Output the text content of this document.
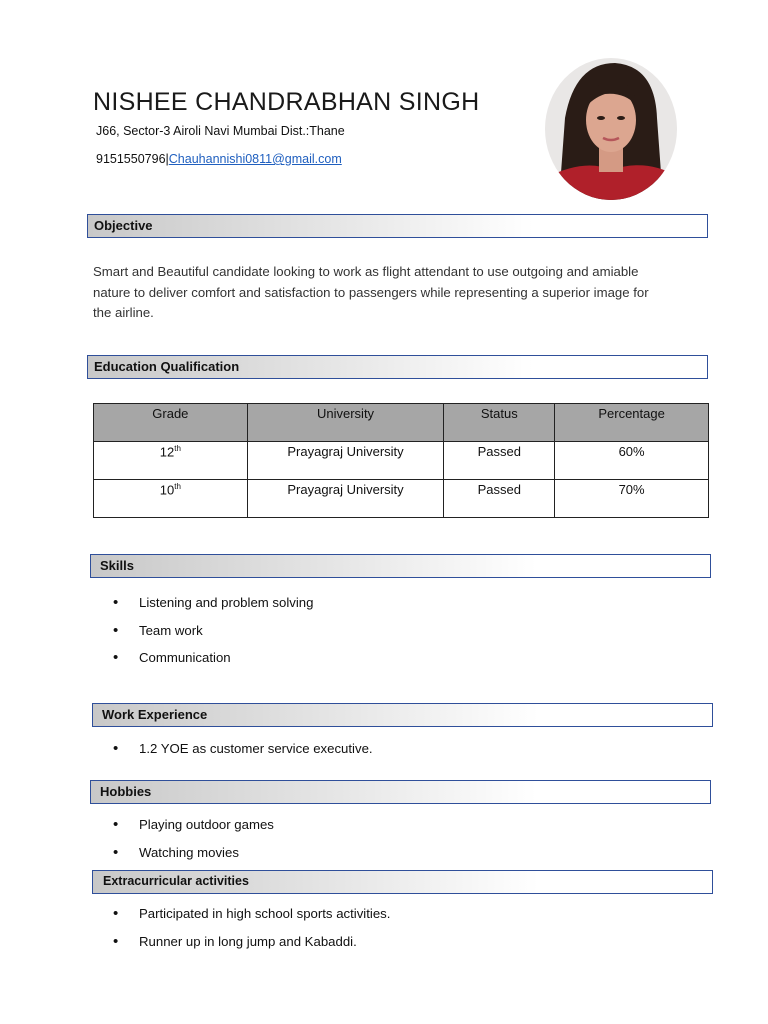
NISHEE CHANDRABHAN SINGH
J66, Sector-3 Airoli Navi Mumbai Dist.:Thane
9151550796|Chauhannishi0811@gmail.com
Objective

Smart and Beautiful candidate looking to work as flight attendant to use outgoing and amiable nature to deliver comfort and satisfaction to passengers while representing a superior image for the airline.

Education Qualification
Grade	University	Status	Percentage
12th	Prayagraj University	Passed	60%
10th	Prayagraj University	Passed	70%
Skills
• Listening and problem solving
• Team work
• Communication
Work Experience
• 1.2 YOE as customer service executive.
Hobbies
• Playing outdoor games
• Watching movies
Extracurricular activities
• Participated in high school sports activities.
• Runner up in long jump and Kabaddi.
